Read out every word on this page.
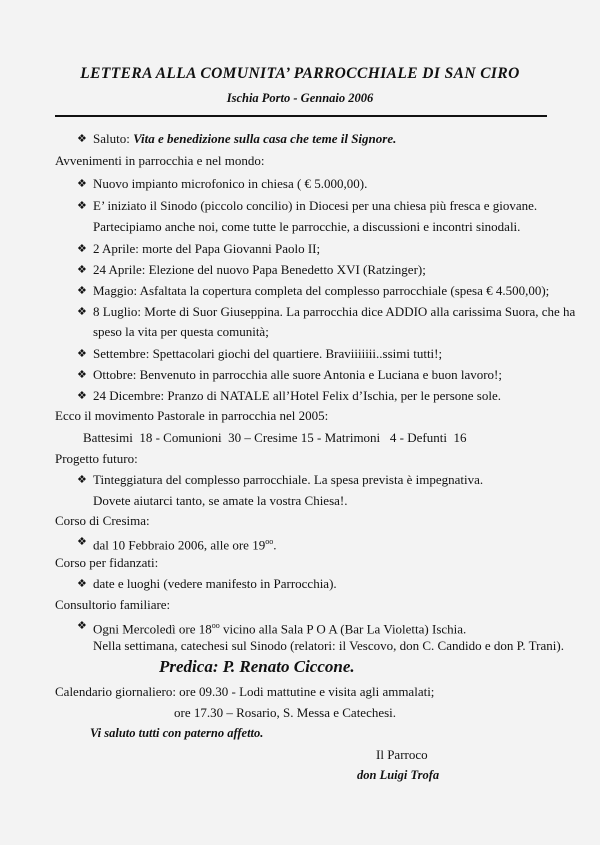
LETTERA ALLA COMUNITA’ PARROCCHIALE DI SAN CIRO
Ischia Porto - Gennaio 2006
❖ Saluto: Vita e benedizione sulla casa che teme il Signore.
Avvenimenti in parrocchia e nel mondo:
❖ Nuovo impianto microfonico in chiesa ( € 5.000,00).
❖ E’ iniziato il Sinodo (piccolo concilio) in Diocesi per una chiesa più fresca e giovane.
Partecipiamo anche noi, come tutte le parrocchie, a discussioni e incontri sinodali.
❖ 2 Aprile: morte del Papa Giovanni Paolo II;
❖ 24 Aprile: Elezione del nuovo Papa Benedetto XVI (Ratzinger);
❖ Maggio: Asfaltata la copertura completa del complesso parrocchiale (spesa € 4.500,00);
❖ 8 Luglio: Morte di Suor Giuseppina. La parrocchia dice ADDIO alla carissima Suora, che ha
speso la vita per questa comunità;
❖ Settembre: Spettacolari giochi del quartiere. Braviiiiiii..ssimi tutti!;
❖ Ottobre: Benvenuto in parrocchia alle suore Antonia e Luciana e buon lavoro!;
❖ 24 Dicembre: Pranzo di NATALE all’Hotel Felix d’Ischia, per le persone sole.
Ecco il movimento Pastorale in parrocchia nel 2005:
Battesimi  18 - Comunioni  30 – Cresime 15 - Matrimoni   4 - Defunti  16
Progetto futuro:
❖ Tinteggiatura del complesso parrocchiale. La spesa prevista è impegnativa.
Dovete aiutarci tanto, se amate la vostra Chiesa!.
Corso di Cresima:
❖ dal 10 Febbraio 2006, alle ore $19^{oo}$.
Corso per fidanzati:
❖ date e luoghi (vedere manifesto in Parrocchia).
Consultorio familiare:
❖ Ogni Mercoledì ore $18^{oo}$ vicino alla Sala P O A (Bar La Violetta) Ischia.
Nella settimana, catechesi sul Sinodo (relatori: il Vescovo, don C. Candido e don P. Trani).
Predica: P. Renato Ciccone.
Calendario giornaliero: ore 09.30 - Lodi mattutine e visita agli ammalati;
ore 17.30 – Rosario, S. Messa e Catechesi.
Vi saluto tutti con paterno affetto.
Il Parroco
don Luigi Trofa
